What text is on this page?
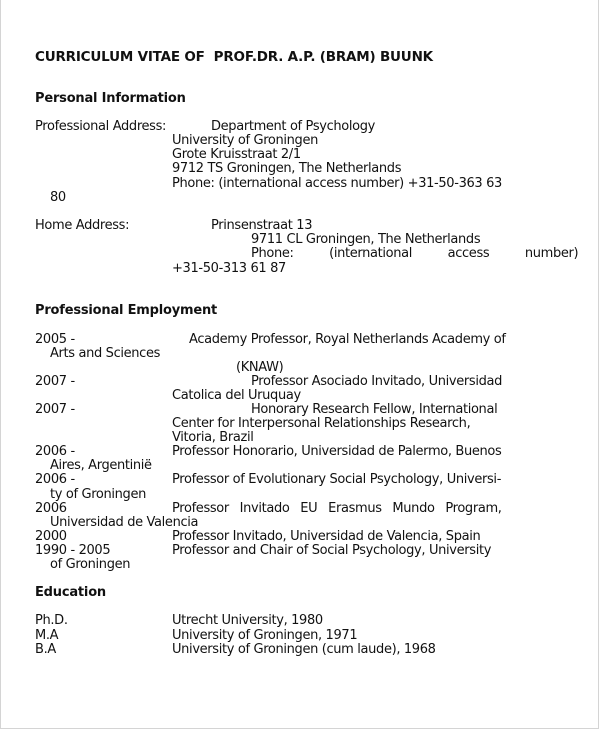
CURRICULUM VITAE OF  PROF.DR. A.P. (BRAM) BUUNK
Personal Information
Professional Address:	Department of Psychology
University of Groningen
Grote Kruisstraat 2/1
9712 TS Groningen, The Netherlands
Phone: (international access number) +31-50-363 63
80
Home Address:	Prinsenstraat 13
9711 CL Groningen, The Netherlands
Phone:  (international  access  number)
+31-50-313 61 87
Professional Employment
2005 -	Academy Professor, Royal Netherlands Academy of
Arts and Sciences
(KNAW)
2007 -	Professor Asociado Invitado, Universidad
Catolica del Uruquay
2007 -	Honorary Research Fellow, International
Center for Interpersonal Relationships Research,
Vitoria, Brazil
2006 -	Professor Honorario, Universidad de Palermo, Buenos
Aires, Argentinië
2006 -	Professor of Evolutionary Social Psychology, Universi-
ty of Groningen
2006	Professor Invitado EU Erasmus Mundo Program,
Universidad de Valencia
2000	Professor Invitado, Universidad de Valencia, Spain
1990 - 2005	Professor and Chair of Social Psychology, University
of Groningen
Education
Ph.D.	Utrecht University, 1980
M.A	University of Groningen, 1971
B.A	University of Groningen (cum laude), 1968
